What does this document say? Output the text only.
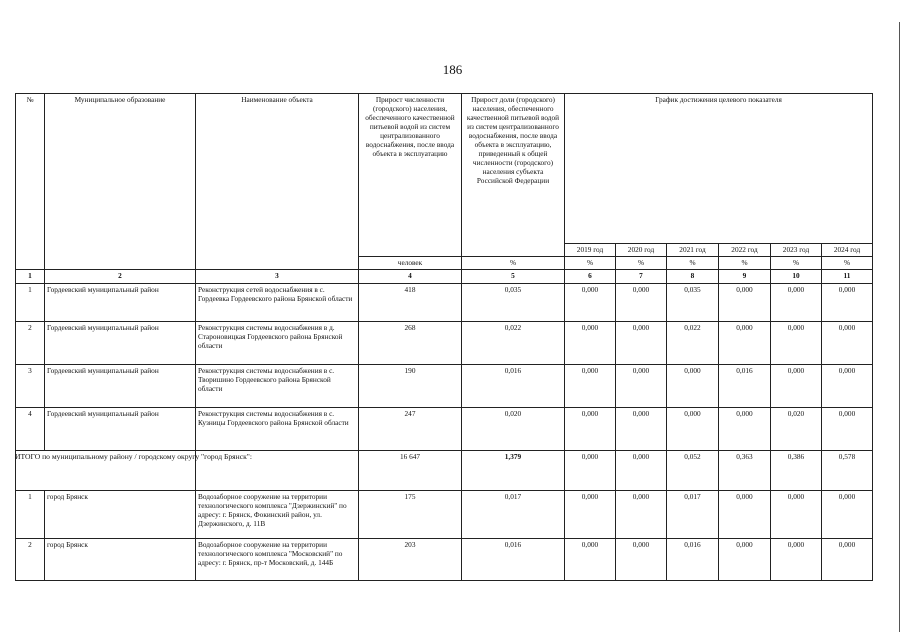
186
№	Муниципальное образование	Наименование объекта	Прирост численности (городского) населения, обеспеченного качественной питьевой водой из систем централизованного водоснабжения, после ввода объекта в эксплуатацию	Прирост доли (городского) населения, обеспеченного качественной питьевой водой из систем централизованного водоснабжения, после ввода объекта в эксплуатацию, приведенный к общей численности (городского) населения субъекта Российской Федерации	График достижения целевого показателя					
					2019 год	2020 год	2021 год	2022 год	2023 год	2024 год
			человек	%	%	%	%	%	%	%
1	2	3	4	5	6	7	8	9	10	11
1	Гордеевский муниципальный район	Реконструкция сетей водоснабжения в с. Гордеевка Гордеевского района Брянской области	418	0,035	0,000	0,000	0,035	0,000	0,000	0,000
2	Гордеевский муниципальный район	Реконструкция системы водоснабжения в д. Староновицкая Гордеевского района Брянской области	268	0,022	0,000	0,000	0,022	0,000	0,000	0,000
3	Гордеевский муниципальный район	Реконструкция системы водоснабжения в с. Творишино Гордеевского района Брянской области	190	0,016	0,000	0,000	0,000	0,016	0,000	0,000
4	Гордеевский муниципальный район	Реконструкция системы водоснабжения в с. Кузницы Гордеевского района Брянской области	247	0,020	0,000	0,000	0,000	0,000	0,020	0,000
ИТОГО по муниципальному району / городскому округу "город Брянск":			16 647	1,379	0,000	0,000	0,052	0,363	0,386	0,578
1	город Брянск	Водозаборное сооружение на территории технологического комплекса "Дзержинский" по адресу: г. Брянск, Фокинский район, ул. Дзержинского, д. 11В	175	0,017	0,000	0,000	0,017	0,000	0,000	0,000
2	город Брянск	Водозаборное сооружение на территории технологического комплекса "Московский" по адресу: г. Брянск, пр-т Московский, д. 144Б	203	0,016	0,000	0,000	0,016	0,000	0,000	0,000
